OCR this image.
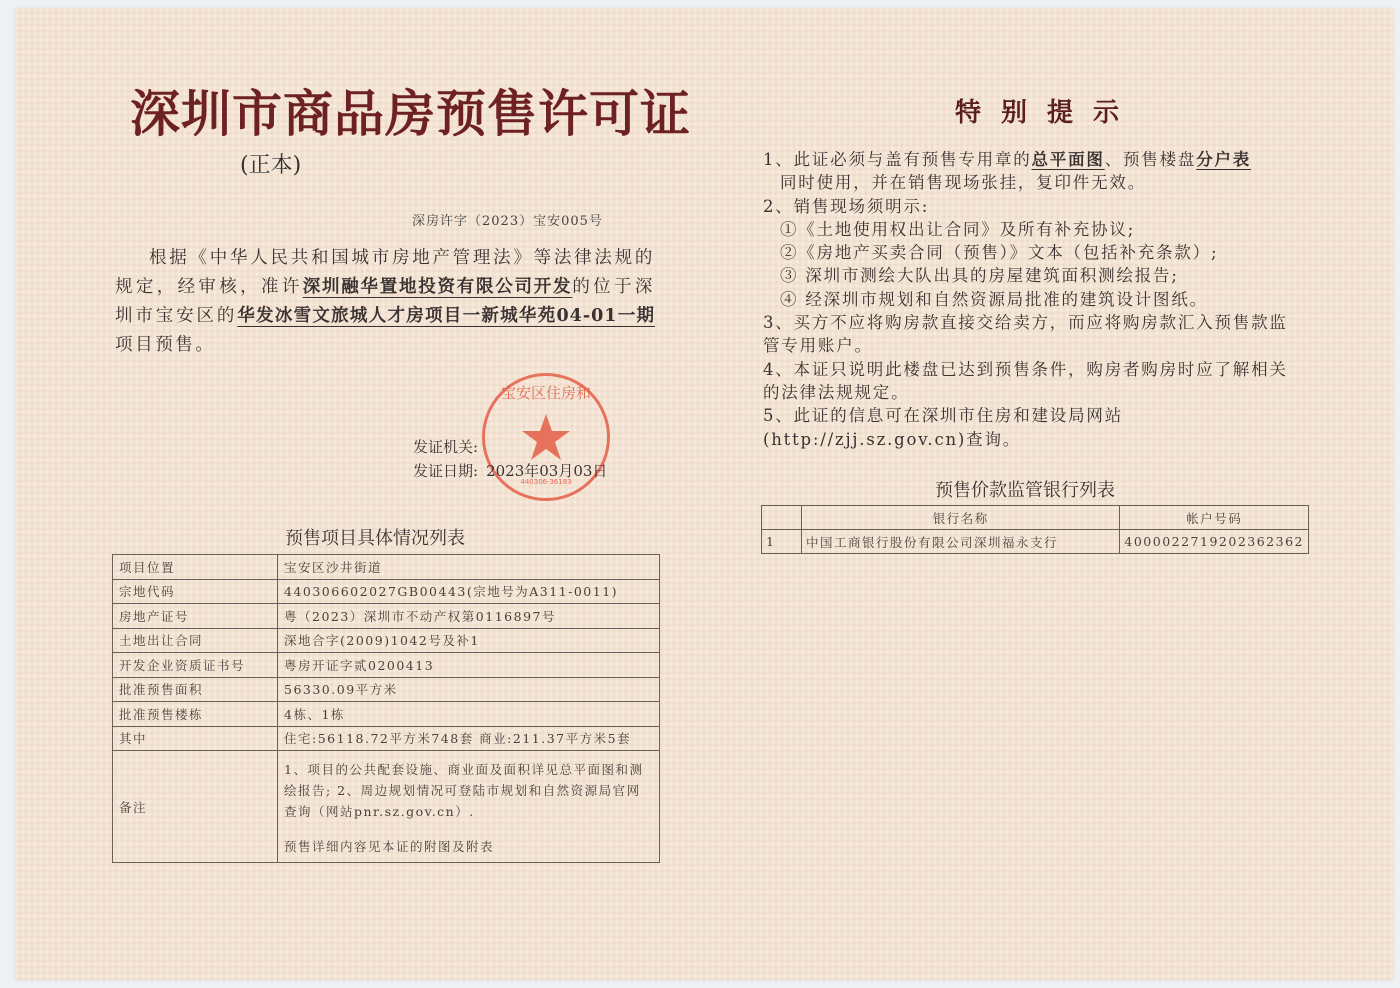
深圳市商品房预售许可证
(正本)
深房许字（2023）宝安005号
根据《中华人民共和国城市房地产管理法》等法律法规的规定，经审核，准许深圳融华置地投资有限公司开发的位于深圳市宝安区的华发冰雪文旅城人才房项目一新城华苑04-01一期项目预售。
440306·36183
宝安区住房和
发证机关:
发证日期: 2023年03月03日
预售项目具体情况列表
项目位置	宝安区沙井街道
宗地代码	440306602027GB00443(宗地号为A311-0011)
房地产证号	粤（2023）深圳市不动产权第0116897号
土地出让合同	深地合字(2009)1042号及补1
开发企业资质证书号	粤房开证字贰0200413
批准预售面积	56330.09平方米
批准预售楼栋	4栋、1栋
其中	住宅:56118.72平方米748套 商业:211.37平方米5套
备注	1、项目的公共配套设施、商业面及面积详见总平面图和测绘报告; 2、周边规划情况可登陆市规划和自然资源局官网查询（网站pnr.sz.gov.cn）.
预售详细内容见本证的附图及附表
特别提示

1、此证必须与盖有预售专用章的总平面图、预售楼盘分户表

同时使用，并在销售现场张挂，复印件无效。

2、销售现场须明示:

①《土地使用权出让合同》及所有补充协议;

②《房地产买卖合同（预售）》文本（包括补充条款）;

③ 深圳市测绘大队出具的房屋建筑面积测绘报告;

④ 经深圳市规划和自然资源局批准的建筑设计图纸。

3、买方不应将购房款直接交给卖方，而应将购房款汇入预售款监管专用账户。

4、本证只说明此楼盘已达到预售条件，购房者购房时应了解相关的法律法规规定。

5、此证的信息可在深圳市住房和建设局网站(http://zjj.sz.gov.cn)查询。

预售价款监管银行列表
	银行名称	帐户号码
1	中国工商银行股份有限公司深圳福永支行	4000022719202362362
